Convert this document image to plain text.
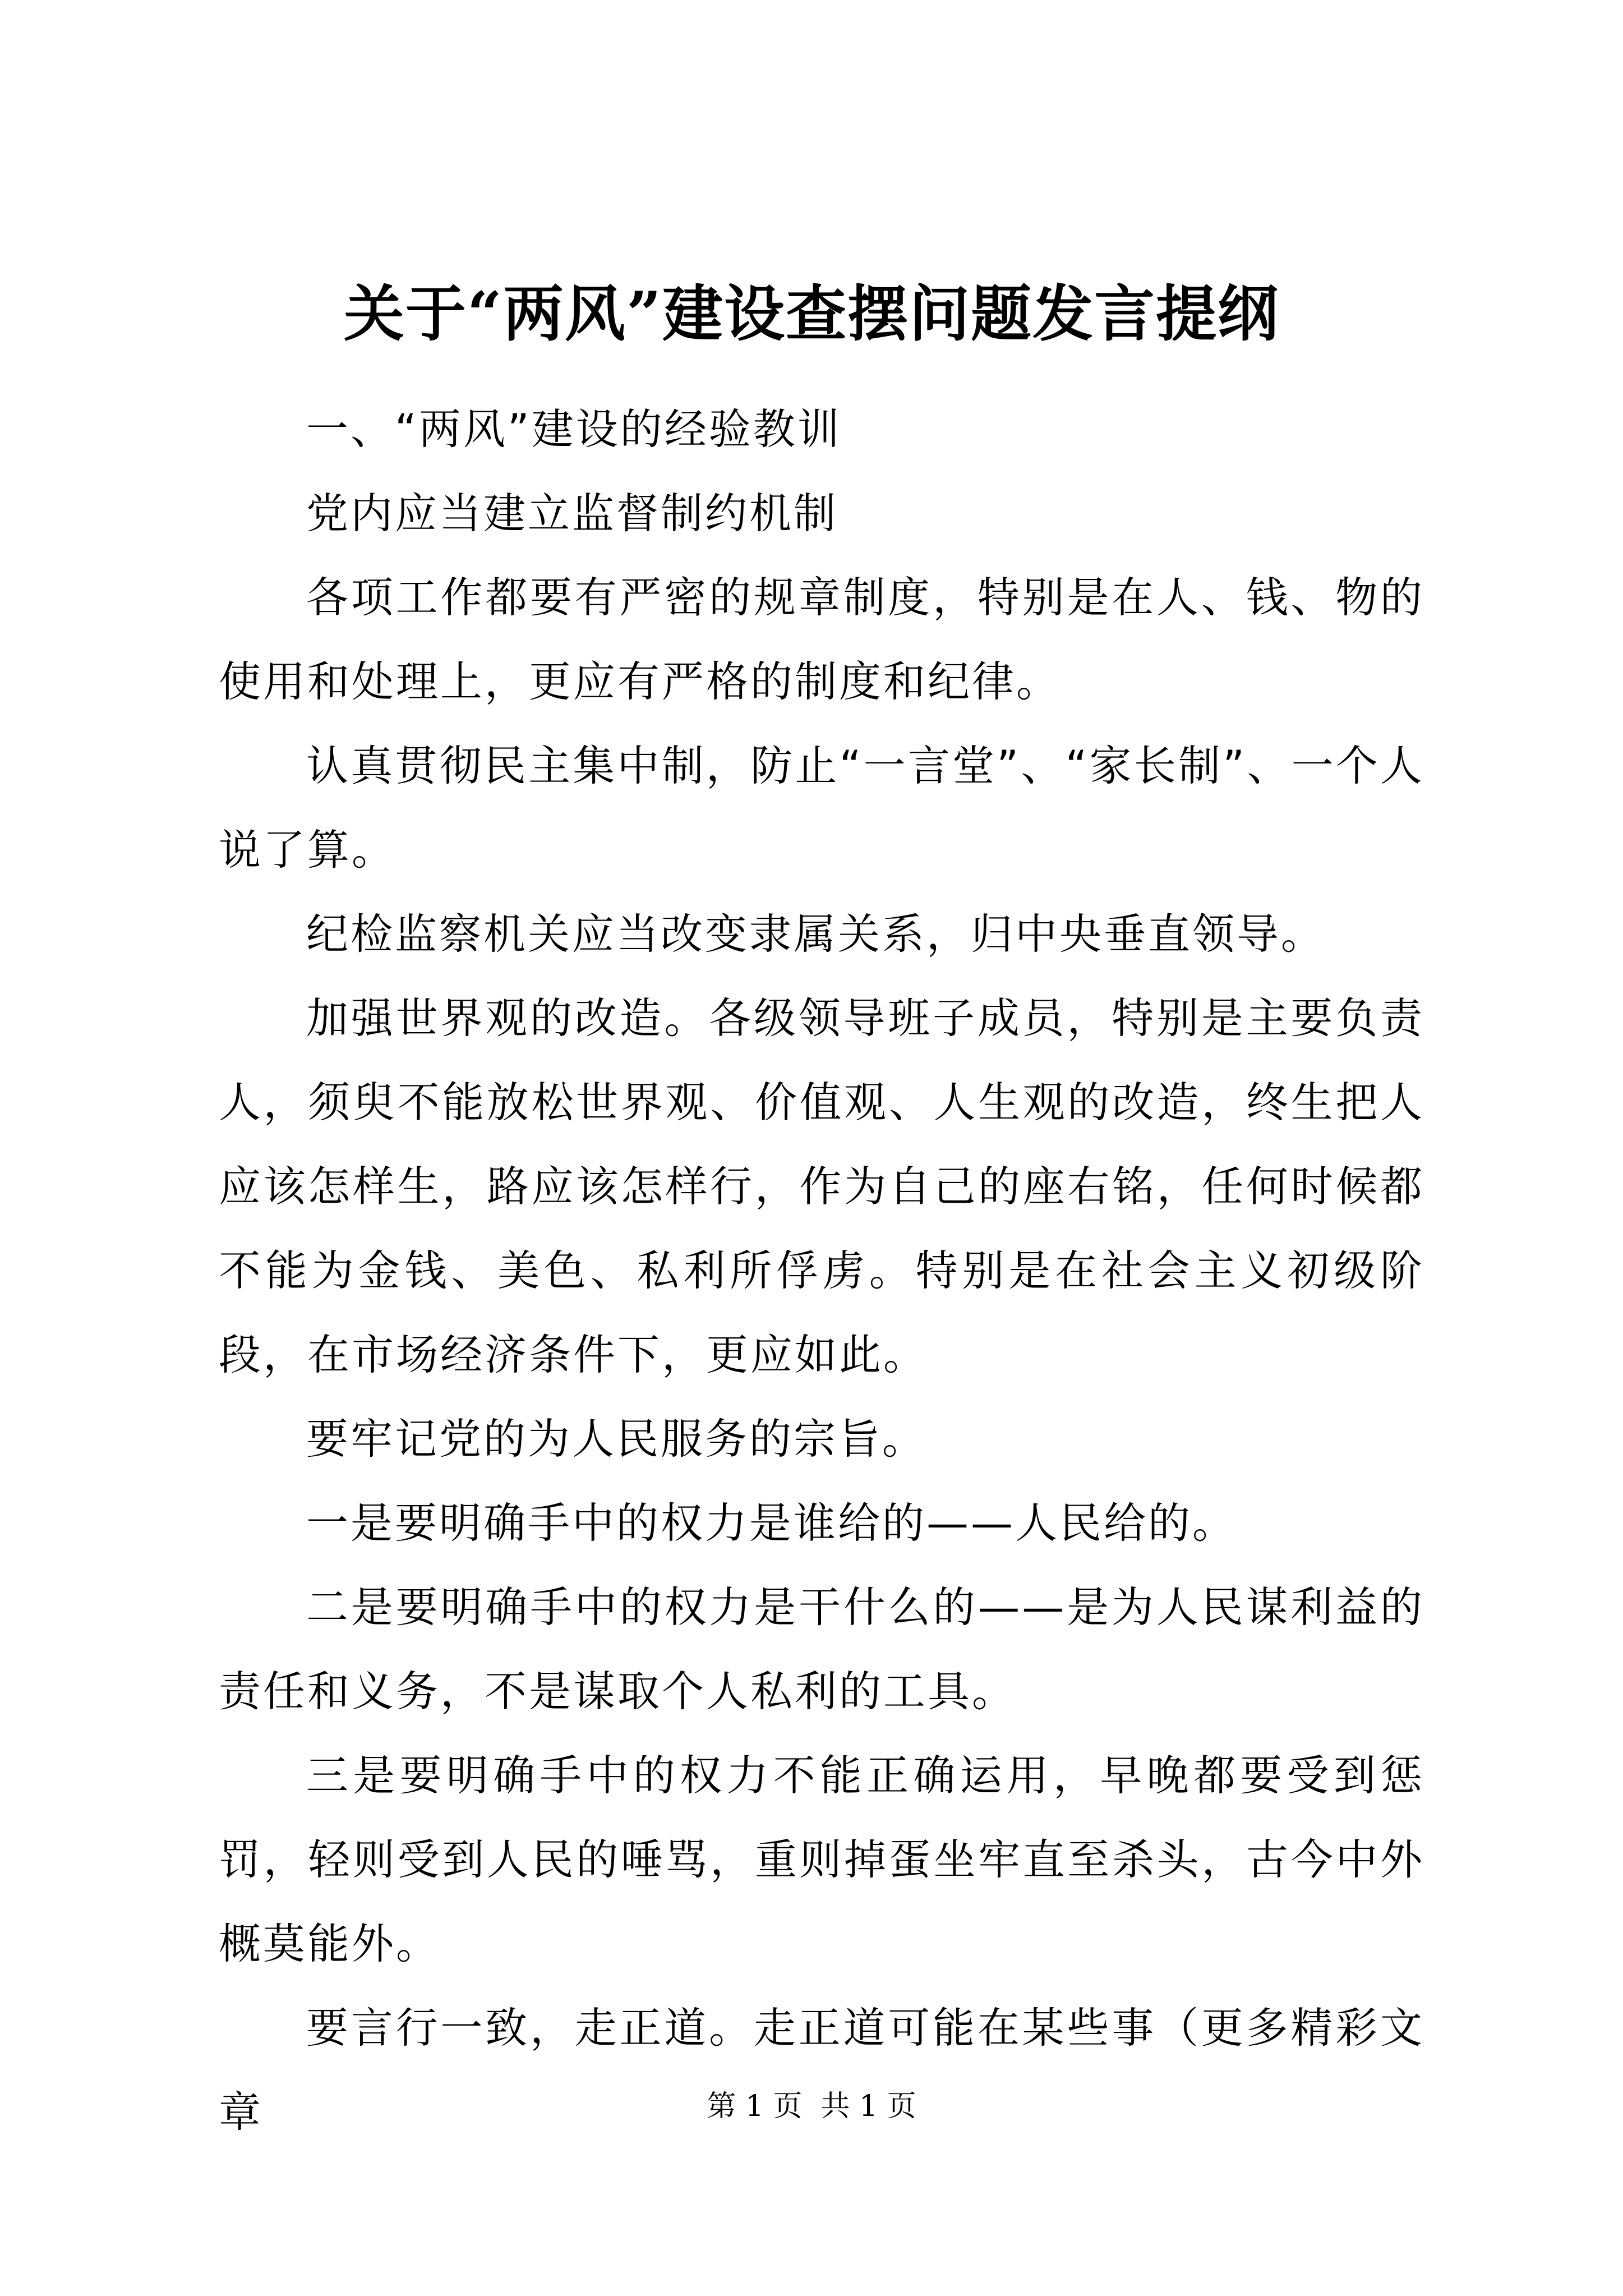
关于“两风”建设查摆问题发言提纲

一、“两风”建设的经验教训

党内应当建立监督制约机制

各项工作都要有严密的规章制度，特别是在人、钱、物的使用和处理上，更应有严格的制度和纪律。

认真贯彻民主集中制，防止“一言堂”、“家长制”、一个人说了算。

纪检监察机关应当改变隶属关系，归中央垂直领导。

加强世界观的改造。各级领导班子成员，特别是主要负责人，须臾不能放松世界观、价值观、人生观的改造，终生把人应该怎样生，路应该怎样行，作为自己的座右铭，任何时候都不能为金钱、美色、私利所俘虏。特别是在社会主义初级阶段，在市场经济条件下，更应如此。

要牢记党的为人民服务的宗旨。

一是要明确手中的权力是谁给的——人民给的。

二是要明确手中的权力是干什么的——是为人民谋利益的责任和义务，不是谋取个人私利的工具。

三是要明确手中的权力不能正确运用，早晚都要受到惩罚，轻则受到人民的唾骂，重则掉蛋坐牢直至杀头，古今中外概莫能外。

要言行一致，走正道。走正道可能在某些事（更多精彩文章	第 1 页  共 1 页
